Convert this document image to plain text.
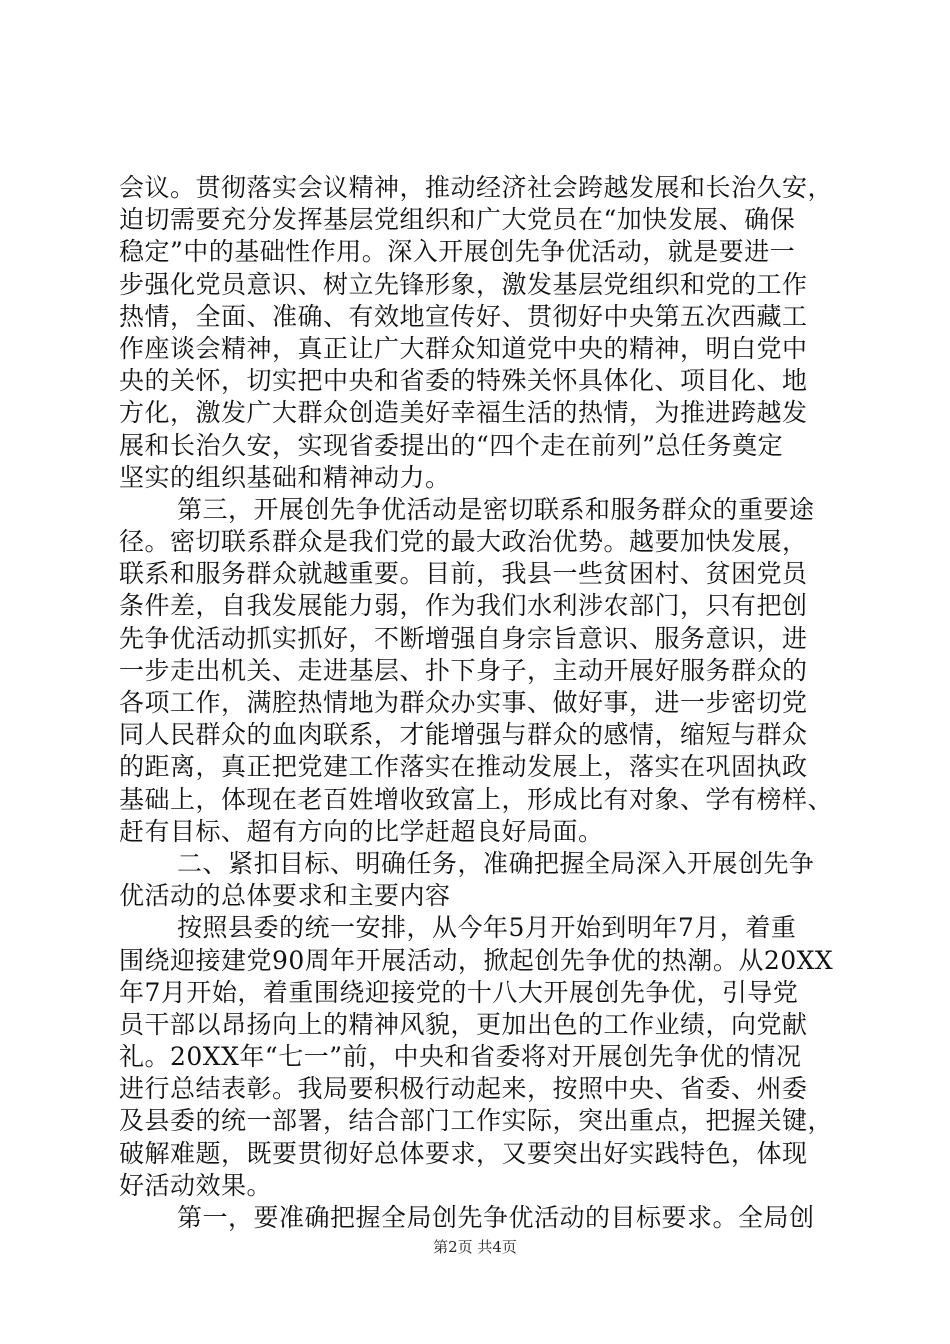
会议。贯彻落实会议精神，推动经济社会跨越发展和长治久安，
迫切需要充分发挥基层党组织和广大党员在“加快发展、确保
稳定”中的基础性作用。深入开展创先争优活动，就是要进一
步强化党员意识、树立先锋形象，激发基层党组织和党的工作
热情，全面、准确、有效地宣传好、贯彻好中央第五次西藏工
作座谈会精神，真正让广大群众知道党中央的精神，明白党中
央的关怀，切实把中央和省委的特殊关怀具体化、项目化、地
方化，激发广大群众创造美好幸福生活的热情，为推进跨越发
展和长治久安，实现省委提出的“四个走在前列”总任务奠定
坚实的组织基础和精神动力。
第三，开展创先争优活动是密切联系和服务群众的重要途
径。密切联系群众是我们党的最大政治优势。越要加快发展，
联系和服务群众就越重要。目前，我县一些贫困村、贫困党员
条件差，自我发展能力弱，作为我们水利涉农部门，只有把创
先争优活动抓实抓好，不断增强自身宗旨意识、服务意识，进
一步走出机关、走进基层、扑下身子，主动开展好服务群众的
各项工作，满腔热情地为群众办实事、做好事，进一步密切党
同人民群众的血肉联系，才能增强与群众的感情，缩短与群众
的距离，真正把党建工作落实在推动发展上，落实在巩固执政
基础上，体现在老百姓增收致富上，形成比有对象、学有榜样、
赶有目标、超有方向的比学赶超良好局面。
二、紧扣目标、明确任务，准确把握全局深入开展创先争
优活动的总体要求和主要内容
按照县委的统一安排，从今年5月开始到明年7月，着重
围绕迎接建党90周年开展活动，掀起创先争优的热潮。从20XX
年7月开始，着重围绕迎接党的十八大开展创先争优，引导党
员干部以昂扬向上的精神风貌，更加出色的工作业绩，向党献
礼。20XX年“七一”前，中央和省委将对开展创先争优的情况
进行总结表彰。我局要积极行动起来，按照中央、省委、州委
及县委的统一部署，结合部门工作实际，突出重点，把握关键，
破解难题，既要贯彻好总体要求，又要突出好实践特色，体现
好活动效果。
第一，要准确把握全局创先争优活动的目标要求。全局创
第2页 共4页
